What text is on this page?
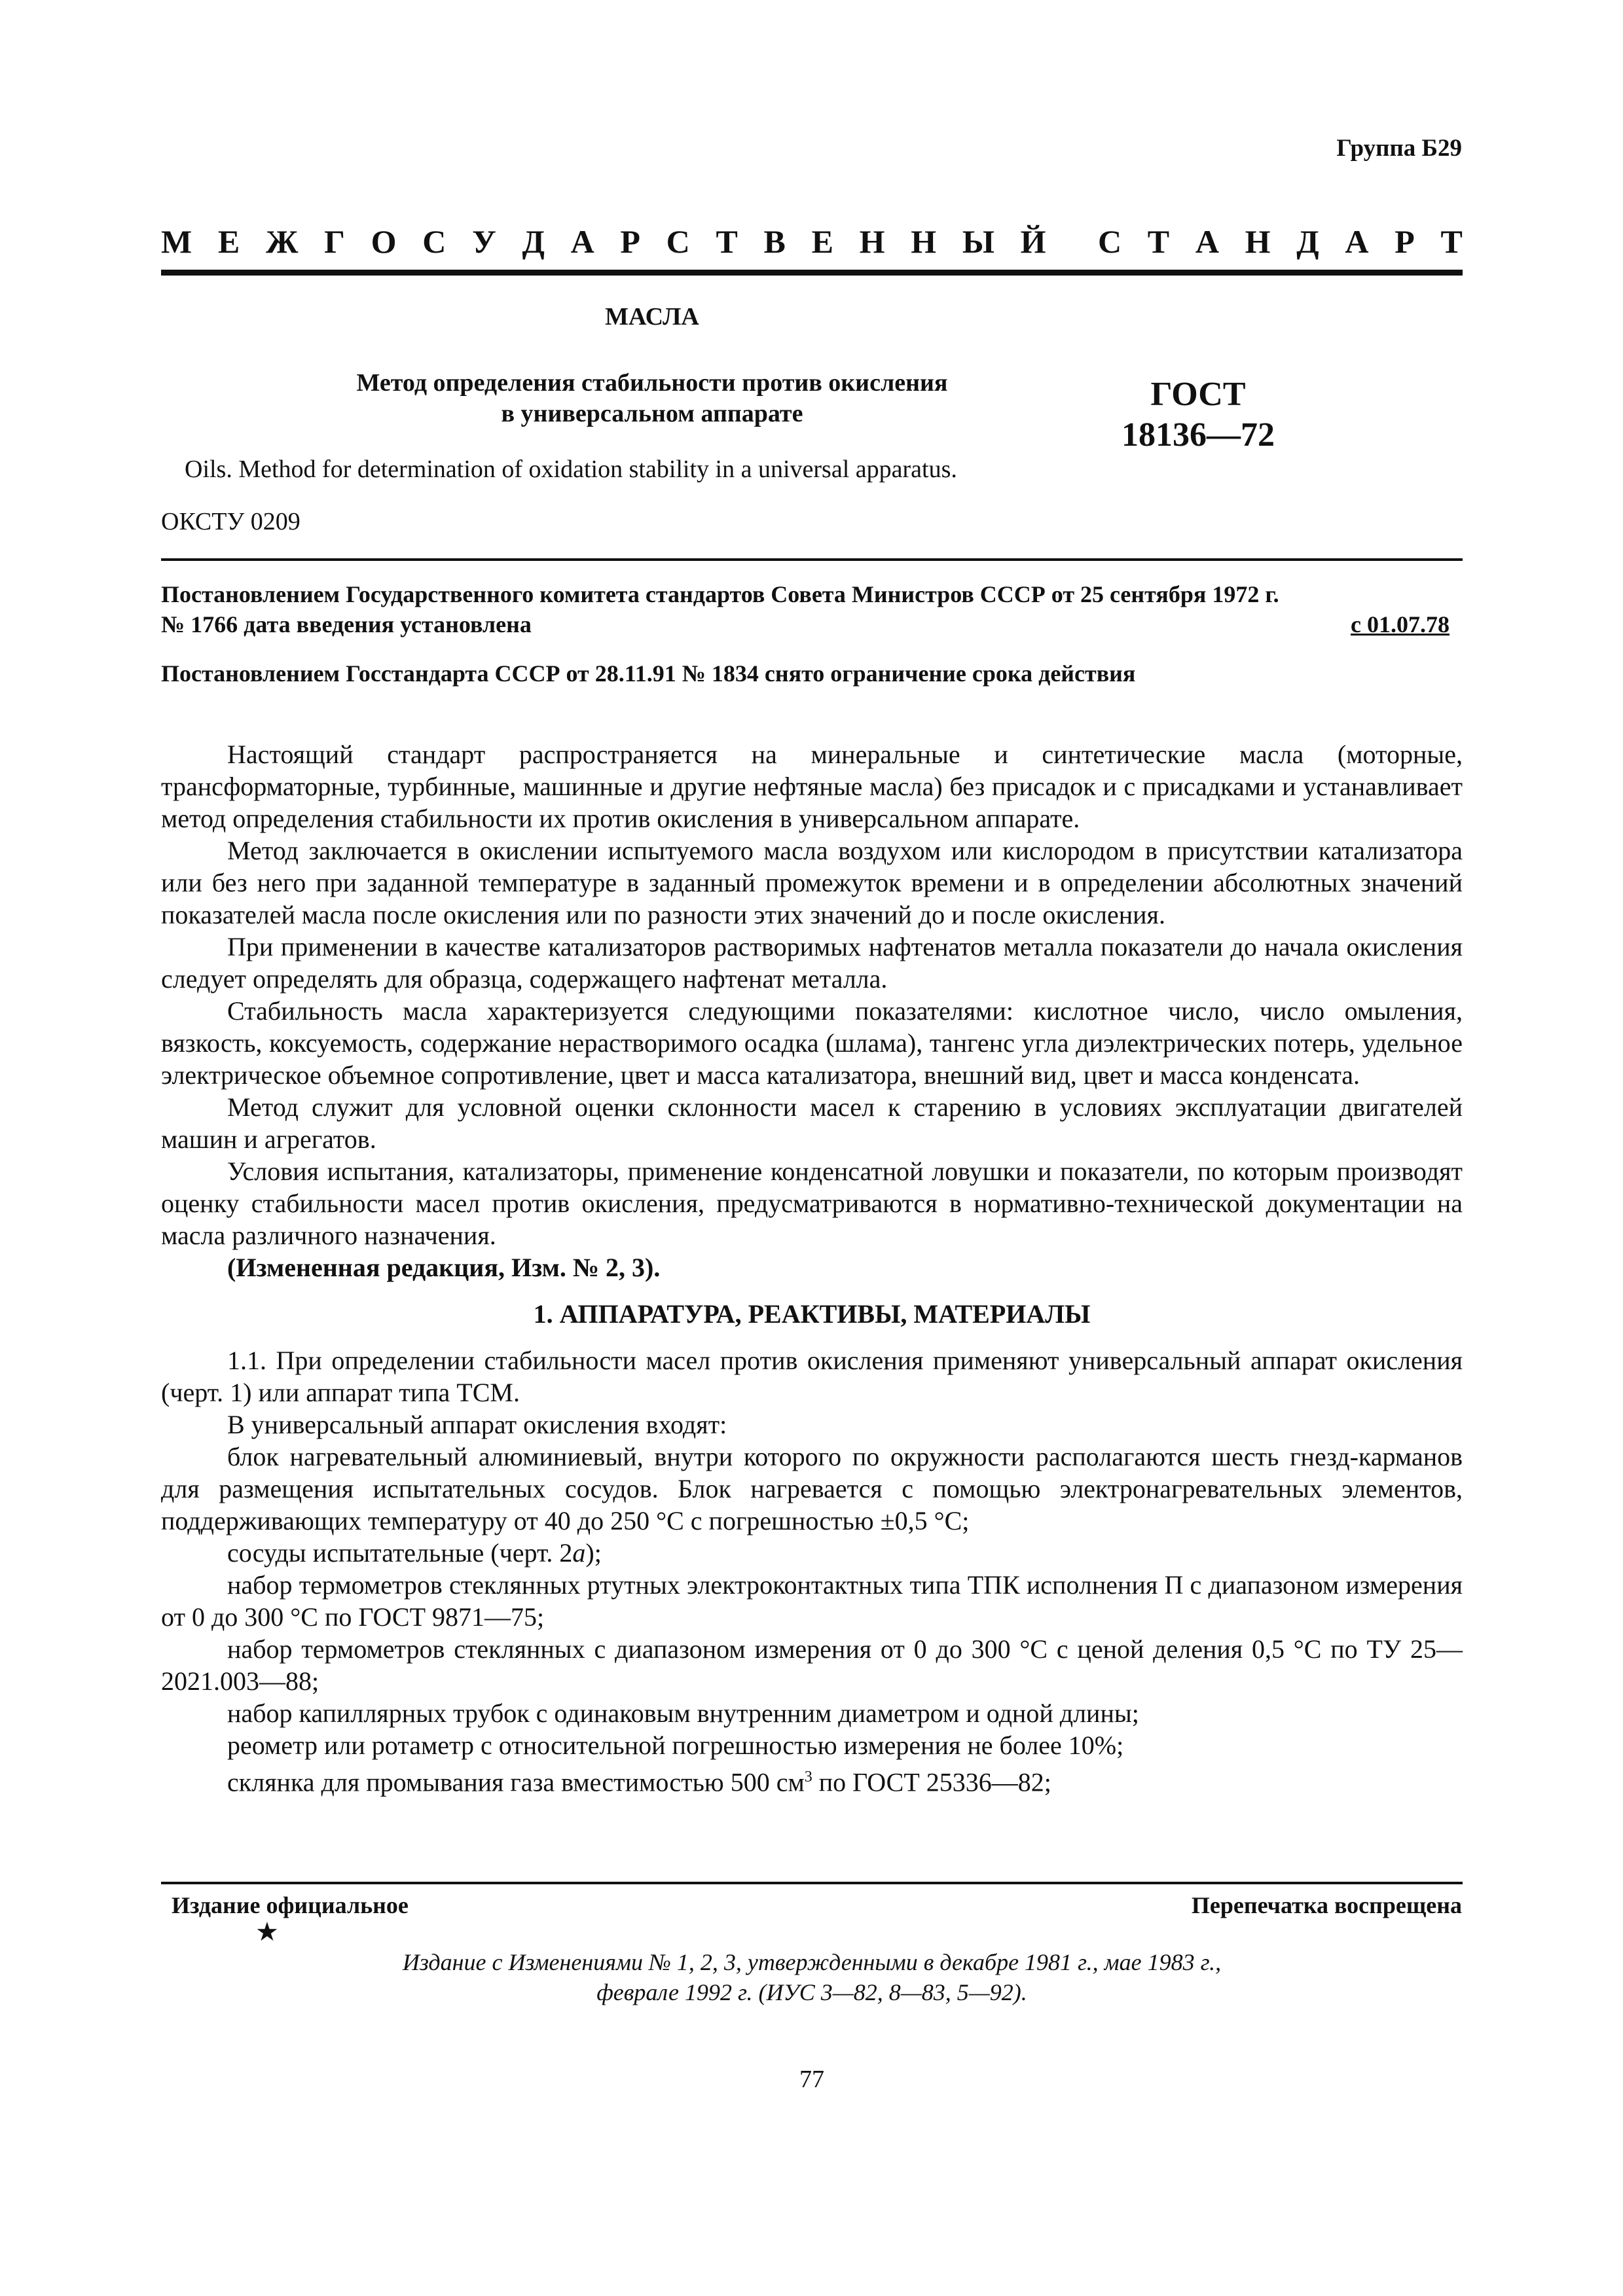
Группа Б29
М Е Ж Г О С У Д А Р С Т В Е Н Н Ы Й С Т А Н Д А Р Т
МАСЛА
Метод определения стабильности против окисления
в универсальном аппарате
ГОСТ
18136—72
Oils. Method for determination of oxidation stability in a universal apparatus.
ОКСТУ 0209
Постановлением Государственного комитета стандартов Совета Министров СССР от 25 сентября 1972 г.
№ 1766 дата введения установлена	с 01.07.78
Постановлением Госстандарта СССР от 28.11.91 № 1834 снято ограничение срока действия

Настоящий стандарт распространяется на минеральные и синтетические масла (моторные, трансформаторные, турбинные, машинные и другие нефтяные масла) без присадок и с присадками и устанавливает метод определения стабильности их против окисления в универсальном аппарате.

Метод заключается в окислении испытуемого масла воздухом или кислородом в присутствии катализатора или без него при заданной температуре в заданный промежуток времени и в определении абсолютных значений показателей масла после окисления или по разности этих значений до и после окисления.

При применении в качестве катализаторов растворимых нафтенатов металла показатели до начала окисления следует определять для образца, содержащего нафтенат металла.

Стабильность масла характеризуется следующими показателями: кислотное число, число омыления, вязкость, коксуемость, содержание нерастворимого осадка (шлама), тангенс угла диэлектрических потерь, удельное электрическое объемное сопротивление, цвет и масса катализатора, внешний вид, цвет и масса конденсата.

Метод служит для условной оценки склонности масел к старению в условиях эксплуатации двигателей машин и агрегатов.

Условия испытания, катализаторы, применение конденсатной ловушки и показатели, по которым производят оценку стабильности масел против окисления, предусматриваются в нормативно-технической документации на масла различного назначения.

(Измененная редакция, Изм. № 2, 3).

1. АППАРАТУРА, РЕАКТИВЫ, МАТЕРИАЛЫ

1.1. При определении стабильности масел против окисления применяют универсальный аппарат окисления (черт. 1) или аппарат типа ТСМ.

В универсальный аппарат окисления входят:

блок нагревательный алюминиевый, внутри которого по окружности располагаются шесть гнезд-карманов для размещения испытательных сосудов. Блок нагревается с помощью электронагревательных элементов, поддерживающих температуру от 40 до 250 °С с погрешностью ±0,5 °С;

сосуды испытательные (черт. 2а);

набор термометров стеклянных ртутных электроконтактных типа ТПК исполнения П с диапазоном измерения от 0 до 300 °С по ГОСТ 9871—75;

набор термометров стеклянных с диапазоном измерения от 0 до 300 °С с ценой деления 0,5 °С по ТУ 25—2021.003—88;

набор капиллярных трубок с одинаковым внутренним диаметром и одной длины;

реометр или ротаметр с относительной погрешностью измерения не более 10%;

склянка для промывания газа вместимостью 500 $см^3$ по ГОСТ 25336—82;

Издание официальное	Перепечатка воспрещена
★
Издание с Изменениями № 1, 2, 3, утвержденными в декабре 1981 г., мае 1983 г.,
феврале 1992 г. (ИУС 3—82, 8—83, 5—92).
77
